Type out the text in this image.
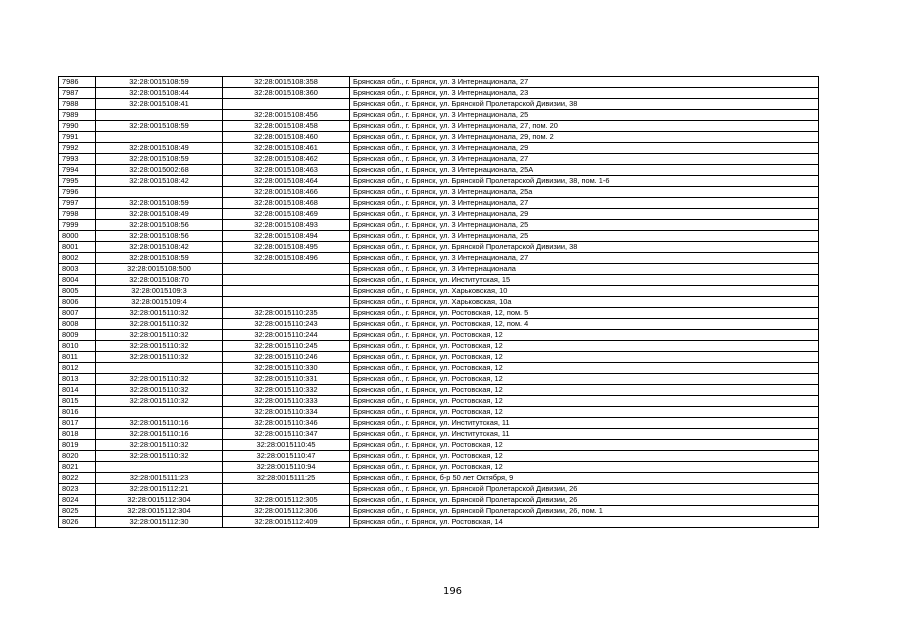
7986	32:28:0015108:59	32:28:0015108:358	Брянская обл., г. Брянск, ул. 3 Интернационала, 27
7987	32:28:0015108:44	32:28:0015108:360	Брянская обл., г. Брянск, ул. 3 Интернационала, 23
7988	32:28:0015108:41		Брянская обл., г. Брянск, ул. Брянской Пролетарской Дивизии, 38
7989		32:28:0015108:456	Брянская обл., г. Брянск, ул. 3 Интернационала, 25
7990	32:28:0015108:59	32:28:0015108:458	Брянская обл., г. Брянск, ул. 3 Интернационала, 27, пом. 20
7991		32:28:0015108:460	Брянская обл., г. Брянск, ул. 3 Интернационала, 29, пом. 2
7992	32:28:0015108:49	32:28:0015108:461	Брянская обл., г. Брянск, ул. 3 Интернационала, 29
7993	32:28:0015108:59	32:28:0015108:462	Брянская обл., г. Брянск, ул. 3 Интернационала, 27
7994	32:28:0015002:68	32:28:0015108:463	Брянская обл., г. Брянск, ул. 3 Интернационала, 25А
7995	32:28:0015108:42	32:28:0015108:464	Брянская обл., г. Брянск, ул. Брянской Пролетарской Дивизии, 38, пом. 1-6
7996		32:28:0015108:466	Брянская обл., г. Брянск, ул. 3 Интернационала, 25а
7997	32:28:0015108:59	32:28:0015108:468	Брянская обл., г. Брянск, ул. 3 Интернационала, 27
7998	32:28:0015108:49	32:28:0015108:469	Брянская обл., г. Брянск, ул. 3 Интернационала, 29
7999	32:28:0015108:56	32:28:0015108:493	Брянская обл., г. Брянск, ул. 3 Интернационала, 25
8000	32:28:0015108:56	32:28:0015108:494	Брянская обл., г. Брянск, ул. 3 Интернационала, 25
8001	32:28:0015108:42	32:28:0015108:495	Брянская обл., г. Брянск, ул. Брянской Пролетарской Дивизии, 38
8002	32:28:0015108:59	32:28:0015108:496	Брянская обл., г. Брянск, ул. 3 Интернационала, 27
8003	32:28:0015108:500		Брянская обл., г. Брянск, ул. 3 Интернационала
8004	32:28:0015108:70		Брянская обл., г. Брянск, ул. Институтская, 15
8005	32:28:0015109:3		Брянская обл., г. Брянск, ул. Харьковская, 10
8006	32:28:0015109:4		Брянская обл., г. Брянск, ул. Харьковская, 10а
8007	32:28:0015110:32	32:28:0015110:235	Брянская обл., г. Брянск, ул. Ростовская, 12, пом. 5
8008	32:28:0015110:32	32:28:0015110:243	Брянская обл., г. Брянск, ул. Ростовская, 12, пом. 4
8009	32:28:0015110:32	32:28:0015110:244	Брянская обл., г. Брянск, ул. Ростовская, 12
8010	32:28:0015110:32	32:28:0015110:245	Брянская обл., г. Брянск, ул. Ростовская, 12
8011	32:28:0015110:32	32:28:0015110:246	Брянская обл., г. Брянск, ул. Ростовская, 12
8012		32:28:0015110:330	Брянская обл., г. Брянск, ул. Ростовская, 12
8013	32:28:0015110:32	32:28:0015110:331	Брянская обл., г. Брянск, ул. Ростовская, 12
8014	32:28:0015110:32	32:28:0015110:332	Брянская обл., г. Брянск, ул. Ростовская, 12
8015	32:28:0015110:32	32:28:0015110:333	Брянская обл., г. Брянск, ул. Ростовская, 12
8016		32:28:0015110:334	Брянская обл., г. Брянск, ул. Ростовская, 12
8017	32:28:0015110:16	32:28:0015110:346	Брянская обл., г. Брянск, ул. Институтская, 11
8018	32:28:0015110:16	32:28:0015110:347	Брянская обл., г. Брянск, ул. Институтская, 11
8019	32:28:0015110:32	32:28:0015110:45	Брянская обл., г. Брянск, ул. Ростовская, 12
8020	32:28:0015110:32	32:28:0015110:47	Брянская обл., г. Брянск, ул. Ростовская, 12
8021		32:28:0015110:94	Брянская обл., г. Брянск, ул. Ростовская, 12
8022	32:28:0015111:23	32:28:0015111:25	Брянская обл., г. Брянск, б-р 50 лет Октября, 9
8023	32:28:0015112:21		Брянская обл., г. Брянск, ул. Брянской Пролетарской Дивизии, 26
8024	32:28:0015112:304	32:28:0015112:305	Брянская обл., г. Брянск, ул. Брянской Пролетарской Дивизии, 26
8025	32:28:0015112:304	32:28:0015112:306	Брянская обл., г. Брянск, ул. Брянской Пролетарской Дивизии, 26, пом. 1
8026	32:28:0015112:30	32:28:0015112:409	Брянская обл., г. Брянск, ул. Ростовская, 14
196
